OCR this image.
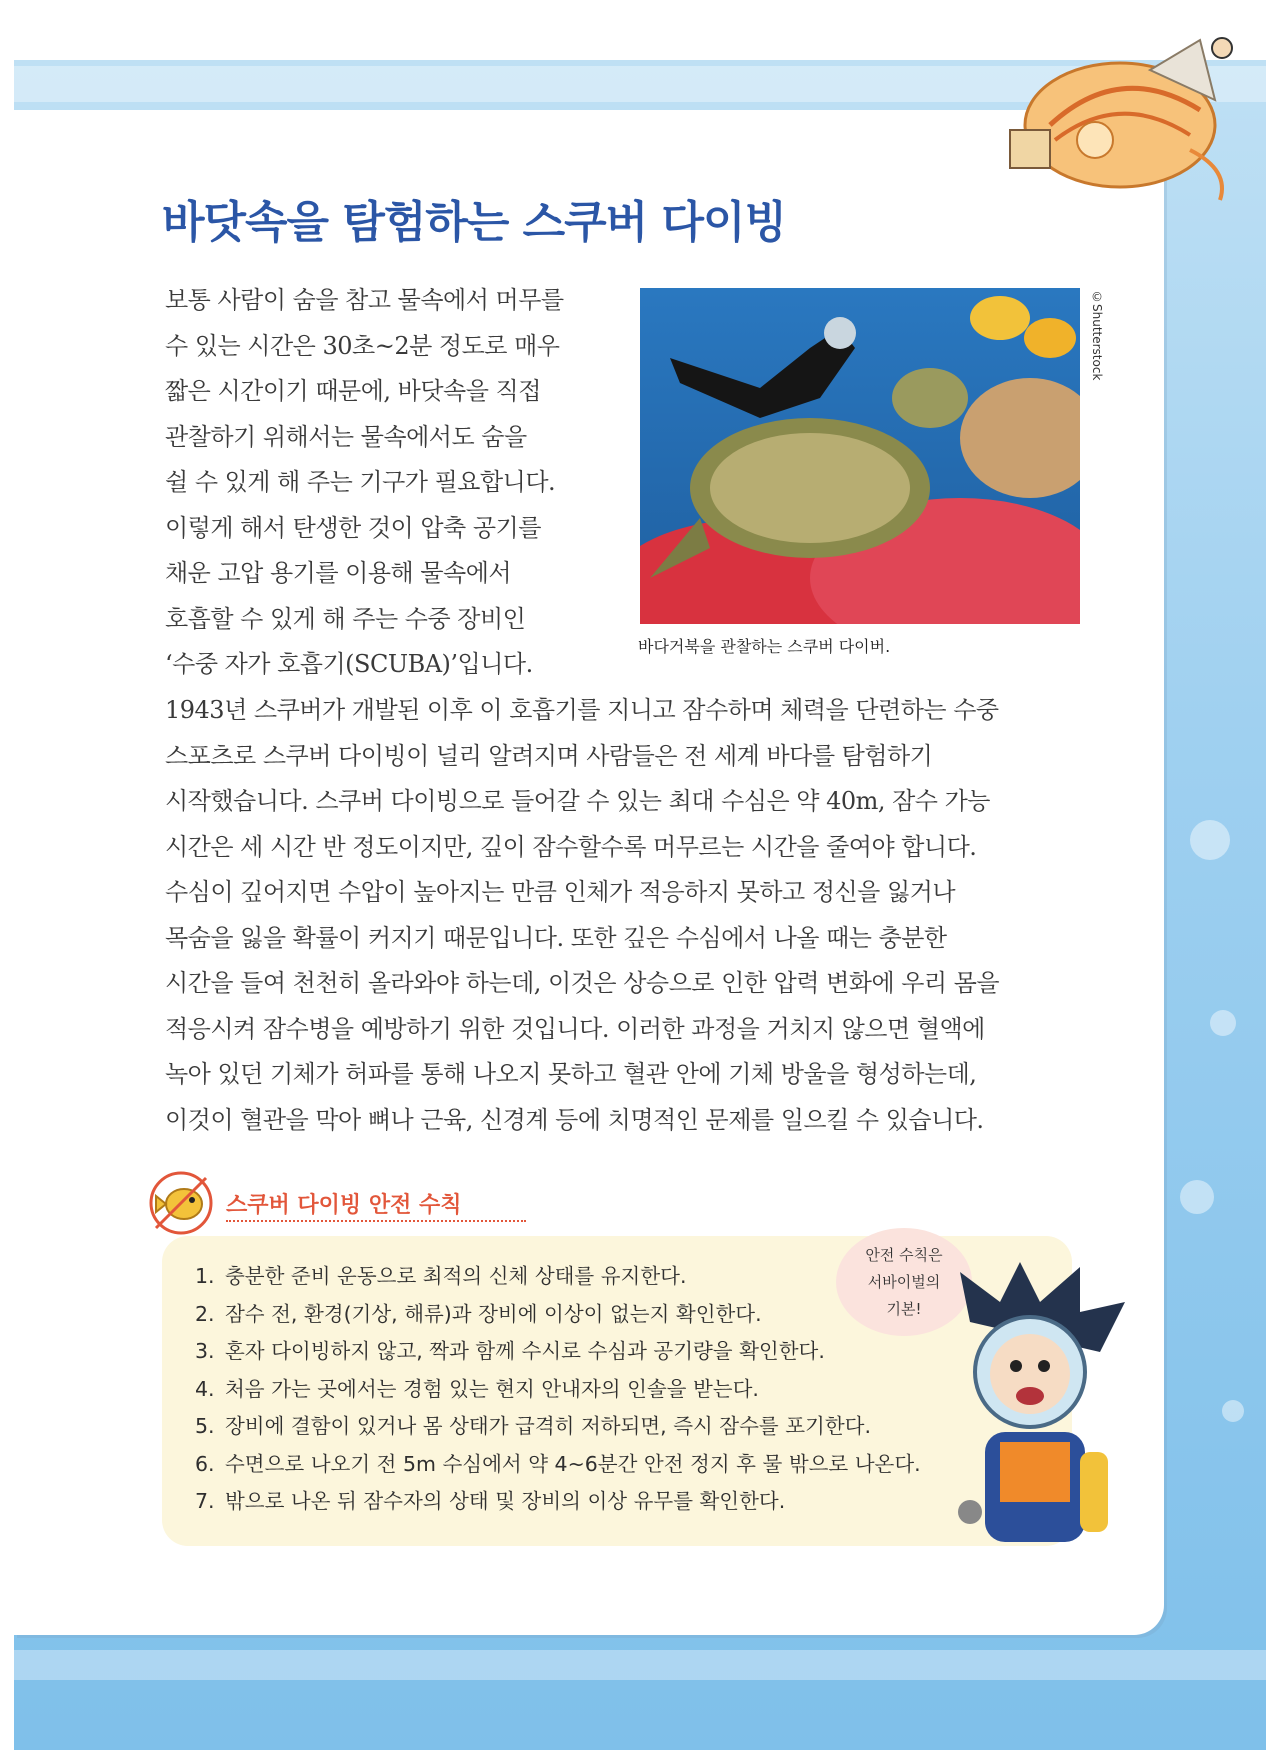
바닷속을 탐험하는 스쿠버 다이빙

보통 사람이 숨을 참고 물속에서 머무를
수 있는 시간은 30초~2분 정도로 매우
짧은 시간이기 때문에, 바닷속을 직접
관찰하기 위해서는 물속에서도 숨을
쉴 수 있게 해 주는 기구가 필요합니다.
이렇게 해서 탄생한 것이 압축 공기를
채운 고압 용기를 이용해 물속에서
호흡할 수 있게 해 주는 수중 장비인
‘수중 자가 호흡기(SCUBA)’입니다.

©Shutterstock

바다거북을 관찰하는 스쿠버 다이버.

1943년 스쿠버가 개발된 이후 이 호흡기를 지니고 잠수하며 체력을 단련하는 수중
스포츠로 스쿠버 다이빙이 널리 알려지며 사람들은 전 세계 바다를 탐험하기
시작했습니다. 스쿠버 다이빙으로 들어갈 수 있는 최대 수심은 약 40m, 잠수 가능
시간은 세 시간 반 정도이지만, 깊이 잠수할수록 머무르는 시간을 줄여야 합니다.
수심이 깊어지면 수압이 높아지는 만큼 인체가 적응하지 못하고 정신을 잃거나
목숨을 잃을 확률이 커지기 때문입니다. 또한 깊은 수심에서 나올 때는 충분한
시간을 들여 천천히 올라와야 하는데, 이것은 상승으로 인한 압력 변화에 우리 몸을
적응시켜 잠수병을 예방하기 위한 것입니다. 이러한 과정을 거치지 않으면 혈액에
녹아 있던 기체가 허파를 통해 나오지 못하고 혈관 안에 기체 방울을 형성하는데,
이것이 혈관을 막아 뼈나 근육, 신경계 등에 치명적인 문제를 일으킬 수 있습니다.

스쿠버 다이빙 안전 수칙
1. 충분한 준비 운동으로 최적의 신체 상태를 유지한다.
2. 잠수 전, 환경(기상, 해류)과 장비에 이상이 없는지 확인한다.
3. 혼자 다이빙하지 않고, 짝과 함께 수시로 수심과 공기량을 확인한다.
4. 처음 가는 곳에서는 경험 있는 현지 안내자의 인솔을 받는다.
5. 장비에 결함이 있거나 몸 상태가 급격히 저하되면, 즉시 잠수를 포기한다.
6. 수면으로 나오기 전 5m 수심에서 약 4~6분간 안전 정지 후 물 밖으로 나온다.
7. 밖으로 나온 뒤 잠수자의 상태 및 장비의 이상 유무를 확인한다.
안전 수칙은
서바이벌의
기본!
